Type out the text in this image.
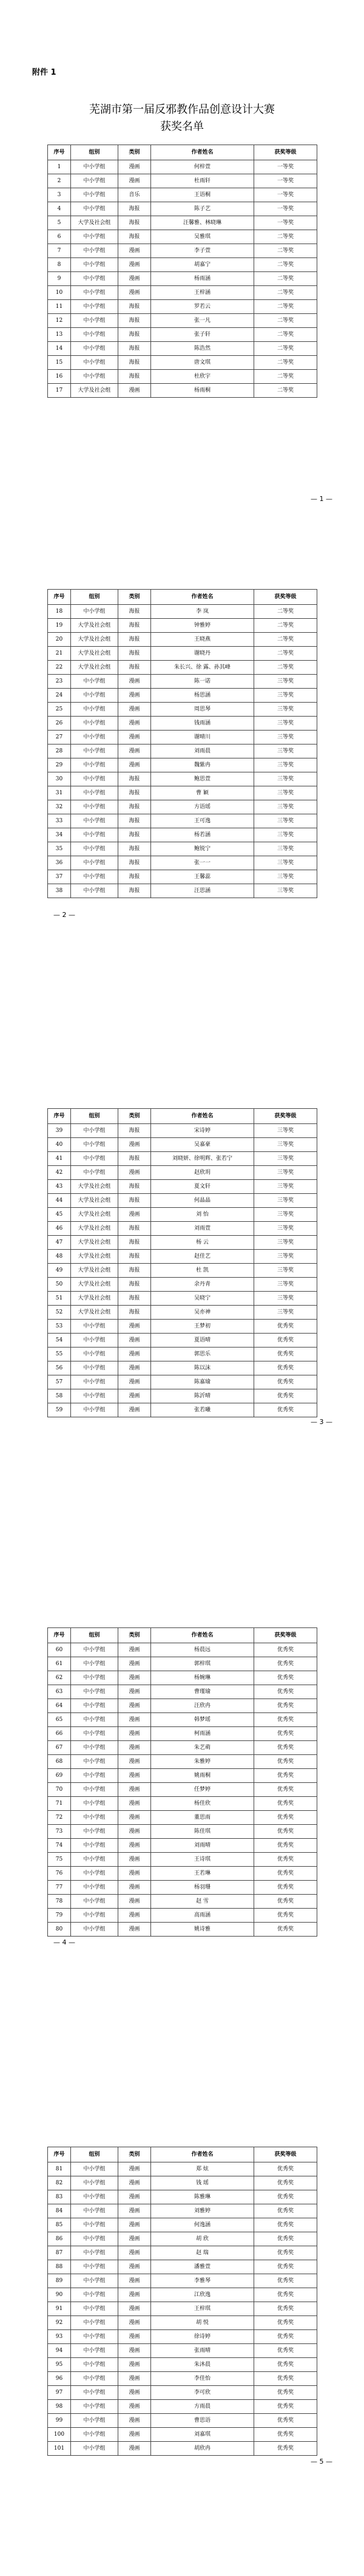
附件 1
芜湖市第一届反邪教作品创意设计大赛
获奖名单
序号	组别	类别	作者姓名	获奖等级
1	中小学组	漫画	何梓萱	一等奖
2	中小学组	漫画	杜雨轩	一等奖
3	中小学组	音乐	王语桐	一等奖
4	中小学组	海报	陈子艺	一等奖
5	大学及社会组	海报	汪馨雅、林晓琳	一等奖
6	中小学组	海报	吴雅琪	二等奖
7	中小学组	漫画	李子萱	二等奖
8	中小学组	漫画	胡嘉宁	二等奖
9	中小学组	漫画	杨雨涵	二等奖
10	中小学组	漫画	王梓涵	二等奖
11	中小学组	海报	罗若云	二等奖
12	中小学组	海报	张一凡	二等奖
13	中小学组	海报	张子轩	二等奖
14	中小学组	海报	陈浩然	二等奖
15	中小学组	海报	唐文琪	二等奖
16	中小学组	海报	杜欣宇	二等奖
17	大学及社会组	漫画	杨雨桐	二等奖
— 1 —
序号	组别	类别	作者姓名	获奖等级
18	中小学组	海报	李 岚	二等奖
19	大学及社会组	海报	钟雅婷	二等奖
20	大学及社会组	海报	王晓燕	二等奖
21	大学及社会组	海报	谢晓丹	二等奖
22	大学及社会组	海报	朱长兴、徐 露、孙其峰	二等奖
23	中小学组	漫画	陈一诺	三等奖
24	中小学组	漫画	杨思涵	三等奖
25	中小学组	漫画	周思琴	三等奖
26	中小学组	漫画	钱雨涵	三等奖
27	中小学组	漫画	谢晴川	三等奖
28	中小学组	漫画	刘雨晨	三等奖
29	中小学组	漫画	魏紫冉	三等奖
30	中小学组	海报	鲍思萱	三等奖
31	中小学组	海报	曹 颖	三等奖
32	中小学组	海报	方语瑶	三等奖
33	中小学组	海报	王可逸	三等奖
34	中小学组	海报	杨若涵	三等奖
35	中小学组	海报	鲍锐宁	三等奖
36	中小学组	海报	张一一	三等奖
37	中小学组	海报	王馨蕊	三等奖
38	中小学组	海报	汪思涵	三等奖
— 2 —
序号	组别	类别	作者姓名	获奖等级
39	中小学组	海报	宋诗婷	三等奖
40	中小学组	漫画	吴嘉豪	三等奖
41	中小学组	海报	刘晓妍、徐明辉、张若宁	三等奖
42	中小学组	漫画	赵欣玥	三等奖
43	大学及社会组	海报	夏文轩	三等奖
44	大学及社会组	海报	何晶晶	三等奖
45	大学及社会组	漫画	刘 怡	三等奖
46	大学及社会组	海报	刘雨萱	三等奖
47	大学及社会组	海报	杨 云	三等奖
48	大学及社会组	海报	赵佳艺	三等奖
49	大学及社会组	海报	杜 凯	三等奖
50	大学及社会组	海报	余丹青	三等奖
51	大学及社会组	海报	吴晓宁	三等奖
52	大学及社会组	海报	吴亦神	三等奖
53	中小学组	漫画	王梦初	优秀奖
54	中小学组	漫画	夏语晴	优秀奖
55	中小学组	漫画	郭思乐	优秀奖
56	中小学组	漫画	陈以沫	优秀奖
57	中小学组	漫画	陈嘉瑜	优秀奖
58	中小学组	漫画	陈沂晴	优秀奖
59	中小学组	漫画	张若曦	优秀奖
— 3 —
序号	组别	类别	作者姓名	获奖等级
60	中小学组	漫画	杨晨远	优秀奖
61	中小学组	漫画	郭梓琪	优秀奖
62	中小学组	漫画	杨婉琳	优秀奖
63	中小学组	漫画	曹瑾瑜	优秀奖
64	中小学组	漫画	汪欣冉	优秀奖
65	中小学组	漫画	韩梦瑶	优秀奖
66	中小学组	漫画	柯雨涵	优秀奖
67	中小学组	漫画	朱艺萌	优秀奖
68	中小学组	漫画	朱雅婷	优秀奖
69	中小学组	漫画	姚雨桐	优秀奖
70	中小学组	漫画	任梦婷	优秀奖
71	中小学组	漫画	杨佳欣	优秀奖
72	中小学组	漫画	董思雨	优秀奖
73	中小学组	漫画	陈佳琪	优秀奖
74	中小学组	漫画	刘雨晴	优秀奖
75	中小学组	漫画	王诗琪	优秀奖
76	中小学组	漫画	王若琳	优秀奖
77	中小学组	漫画	杨羽珊	优秀奖
78	中小学组	漫画	赵 雪	优秀奖
79	中小学组	漫画	高雨涵	优秀奖
80	中小学组	漫画	姚诗雅	优秀奖
— 4 —
序号	组别	类别	作者姓名	获奖等级
81	中小学组	漫画	郑 炫	优秀奖
82	中小学组	漫画	钱 瑶	优秀奖
83	中小学组	漫画	陈雅琳	优秀奖
84	中小学组	漫画	刘雅婷	优秀奖
85	中小学组	漫画	何逸涵	优秀奖
86	中小学组	漫画	胡 欣	优秀奖
87	中小学组	漫画	赵 瑞	优秀奖
88	中小学组	漫画	潘雅萱	优秀奖
89	中小学组	漫画	李雅琴	优秀奖
90	中小学组	漫画	江欣逸	优秀奖
91	中小学组	漫画	王梓琪	优秀奖
92	中小学组	漫画	胡 悦	优秀奖
93	中小学组	漫画	徐诗婷	优秀奖
94	中小学组	漫画	张雨晴	优秀奖
95	中小学组	漫画	朱沐晨	优秀奖
96	中小学组	漫画	李佳怡	优秀奖
97	中小学组	漫画	李可欣	优秀奖
98	中小学组	漫画	方雨晨	优秀奖
99	中小学组	漫画	曹思语	优秀奖
100	中小学组	漫画	刘嘉琪	优秀奖
101	中小学组	漫画	胡欣冉	优秀奖
— 5 —
